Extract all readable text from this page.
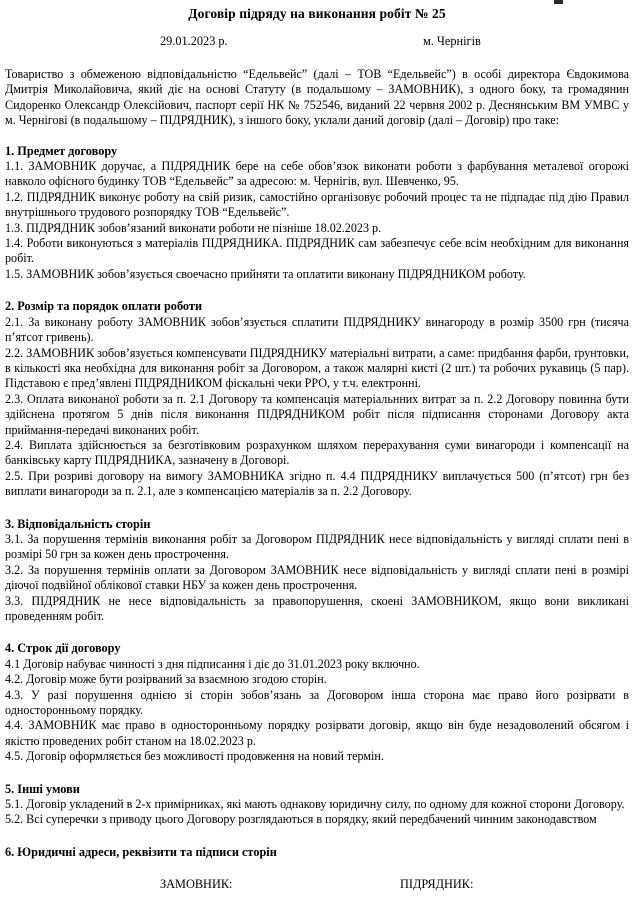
Договір підряду на виконання робіт № 25
29.01.2023 р.	м. Чернігів

Товариство з обмеженою відповідальністю “Едельвейс” (далі – ТОВ “Едельвейс”) в особі директора Євдокимова Дмитрія Миколайовича, який діє на основі Статуту (в подальшому – ЗАМОВНИК), з одного боку, та громадянин Сидоренко Олександр Олексійович, паспорт серії НК № 752546, виданий 22 червня 2002 р. Деснянським ВМ УМВС у м. Чернігові (в подальшому – ПІДРЯДНИК), з іншого боку, уклали даний договір (далі – Договір) про таке:

1. Предмет договору

1.1. ЗАМОВНИК доручає, а ПІДРЯДНИК бере на себе обов’язок виконати роботи з фарбування металевої огорожі навколо офісного будинку ТОВ “Едельвейс” за адресою: м. Чернігів, вул. Шевченко, 95.

1.2. ПІДРЯДНИК виконує роботу на свій ризик, самостійно організовує робочий процес та не підпадає під дію Правил внутрішнього трудового розпорядку ТОВ “Едельвейс”.

1.3. ПІДРЯДНИК зобов’язаний виконати роботи не пізніше 18.02.2023 р.

1.4. Роботи виконуються з матеріалів ПІДРЯДНИКА. ПІДРЯДНИК сам забезпечує себе всім необхідним для виконання робіт.

1.5. ЗАМОВНИК зобов’язується своечасно прийняти та оплатити виконану ПІДРЯДНИКОМ роботу.

2. Розмір та порядок оплати роботи

2.1. За виконану роботу ЗАМОВНИК зобов’язується сплатити ПІДРЯДНИКУ винагороду в розмір 3500 грн (тисяча п’ятсот гривень).

2.2. ЗАМОВНИК зобов’язується компенсувати ПІДРЯДНИКУ матеріальні витрати, а саме: придбання фарби, ґрунтовки, в кількості яка необхідна для виконання робіт за Договором, а також малярні кисті (2 шт.) та робочих рукавиць (5 пар). Підставою є пред’явлені ПІДРЯДНИКОМ фіскальні чеки РРО, у т.ч. електронні.

2.3. Оплата виконаної роботи за п. 2.1 Договору та компенсація матеріальнних витрат за п. 2.2 Договору повинна бути здійснена протягом 5 днів після виконання ПІДРЯДНИКОМ робіт після підписання сторонами Договору акта приймання-передачі виконаних робіт.

2.4. Виплата здійснюється за безготівковим розрахунком шляхом перерахування суми винагороди і компенсації на банківську карту ПІДРЯДНИКА, зазначену в Договорі.

2.5. При розриві договору на вимогу ЗАМОВНИКА згідно п. 4.4 ПІДРЯДНИКУ виплачується 500 (п’ятсот) грн без виплати винагороди за п. 2.1, але з компенсацією матеріалів за п. 2.2 Договору.

3. Відповідальність сторін

3.1. За порушення термінів виконання робіт за Договором ПІДРЯДНИК несе відповідальність у вигляді сплати пені в розмірі 50 грн за кожен день прострочення.

3.2. За порушення термінів оплати за Договором ЗАМОВНИК несе відповідальність у вигляді сплати пені в розмірі діючої подвійної облікової ставки НБУ за кожен день прострочення.

3.3. ПІДРЯДНИК не несе відповідальність за правопорушення, скоені ЗАМОВНИКОМ, якщо вони викликані проведенням робіт.

4. Строк дії договору

4.1 Договір набуває чинності з дня підписання і діє до 31.01.2023 року включно.

4.2. Договір може бути розірваний за взаємною згодою сторін.

4.3. У разі порушення однією зі сторін зобов’язань за Договором інша сторона має право його розірвати в односторонньому порядку.

4.4. ЗАМОВНИК має право в односторонньому порядку розірвати договір, якщо він буде незадоволений обсягом і якістю проведених робіт станом на 18.02.2023 р.

4.5. Договір оформляється без можливості продовження на новий термін.

5. Інші умови

5.1. Договір укладений в 2-х примірниках, які мають однакову юридичну силу, по одному для кожної сторони Договору.

5.2. Всі суперечки з приводу цього Договору розглядаються в порядку, який передбачений чинним законодавством

6. Юридичні адреси, реквізити та підписи сторін
ЗАМОВНИК:	ПІДРЯДНИК:
